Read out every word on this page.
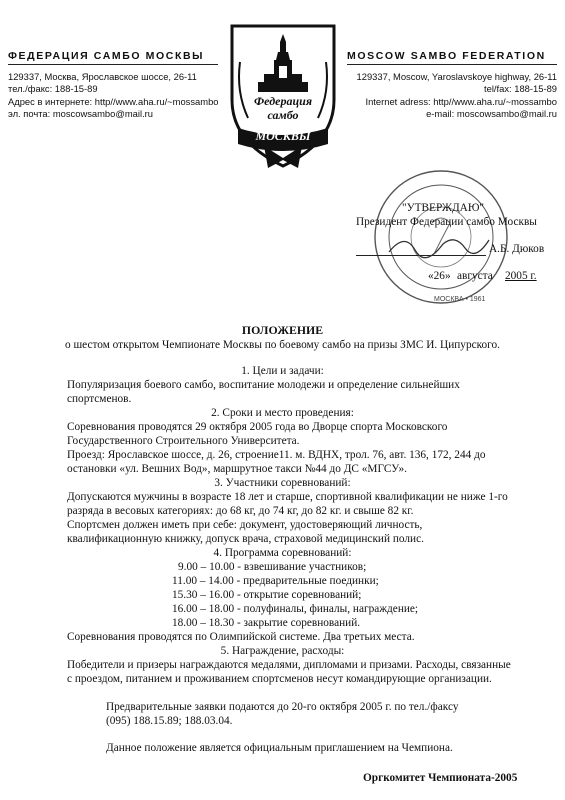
ФЕДЕРАЦИЯ САМБО МОСКВЫ
129337, Москва, Ярославское шоссе, 26-11
тел./факс: 188-15-89
Адрес в интернете: http//www.aha.ru/~mossambo
эл. почта: moscowsambo@mail.ru
MOSCOW SAMBO FEDERATION
129337, Moscow, Yaroslavskoye highway, 26-11
tel/fax: 188-15-89
Internet adress: http//www.aha.ru/~mossambo
e-mail: moscowsambo@mail.ru
Федерация
самбо
МОСКВЫ
МОСКВА • 1961
"УТВЕРЖДАЮ"
Президент Федерации самбо Москвы
А.Б. Дюков
«26» августа 2005 г.
ПОЛОЖЕНИЕ
о шестом открытом Чемпионате Москвы по боевому самбо на призы ЗМС И. Ципурского.
1. Цели и задачи:
Популяризация боевого самбо, воспитание молодежи и определение сильнейших
спортсменов.
2. Сроки и место проведения:
Соревнования проводятся 29 октября 2005 года во Дворце спорта Московского
Государственного Строительного Университета.
Проезд: Ярославское шоссе, д. 26, строение11. м. ВДНХ, трол. 76, авт. 136, 172, 244 до
остановки «ул. Вешних Вод», маршрутное такси №44 до ДС «МГСУ».
3. Участники соревнований:
Допускаются мужчины в возрасте 18 лет и старше, спортивной квалификации не ниже 1-го
разряда в весовых категориях: до 68 кг, до 74 кг, до 82 кг. и свыше 82 кг.
Спортсмен должен иметь при себе: документ, удостоверяющий личность,
квалификационную книжку, допуск врача, страховой медицинский полис.
4. Программа соревнований:
9.00 – 10.00 - взвешивание участников;
11.00 – 14.00 - предварительные поединки;
15.30 – 16.00 - открытие соревнований;
16.00 – 18.00 - полуфиналы, финалы, награждение;
18.00 – 18.30 - закрытие соревнований.
Соревнования проводятся по Олимпийской системе. Два третьих места.
5. Награждение, расходы:
Победители и призеры награждаются медалями, дипломами и призами. Расходы, связанные
с проездом, питанием и проживанием спортсменов несут командирующие организации.
Предварительные заявки подаются до 20-го октября 2005 г. по тел./факсу
(095) 188.15.89; 188.03.04.
Данное положение является официальным приглашением на Чемпиона.
Оргкомитет Чемпионата-2005
